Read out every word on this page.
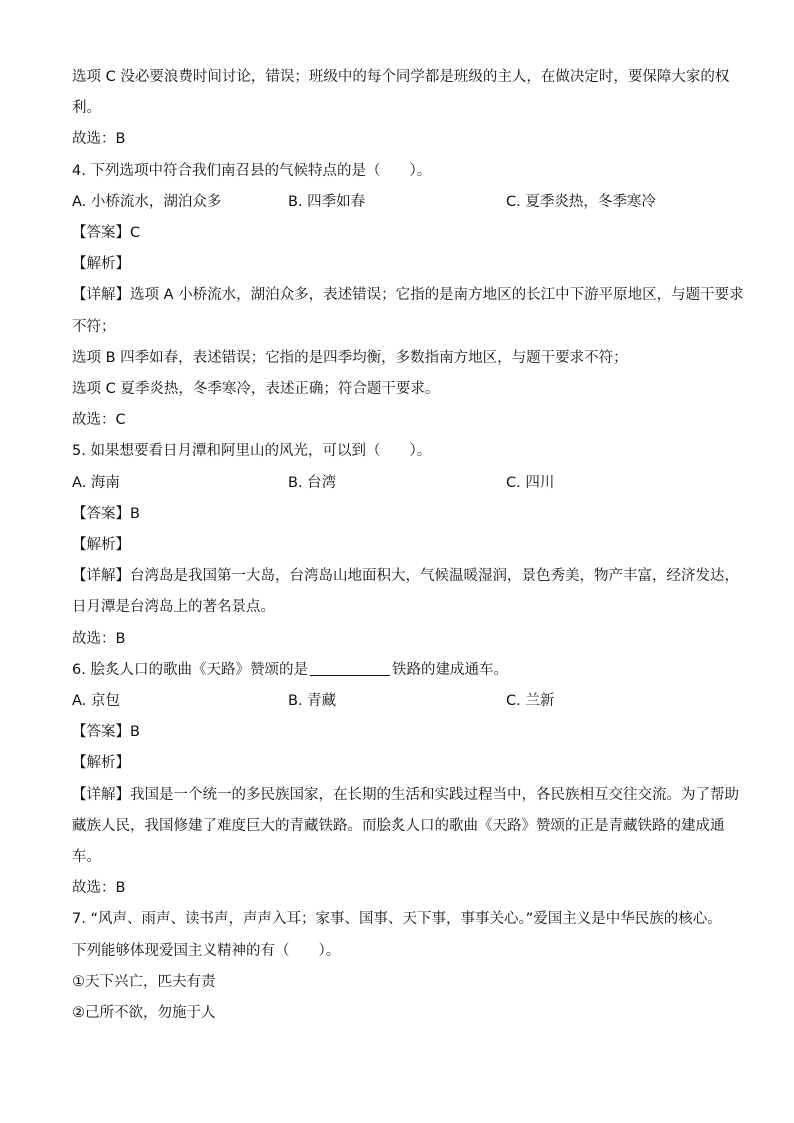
选项 C 没必要浪费时间讨论，错误；班级中的每个同学都是班级的主人，在做决定时，要保障大家的权
利。
故选：B
4. 下列选项中符合我们南召县的气候特点的是（　　）。
A. 小桥流水，湖泊众多	B. 四季如春	C. 夏季炎热，冬季寒冷
【答案】C
【解析】
【详解】选项 A 小桥流水，湖泊众多，表述错误；它指的是南方地区的长江中下游平原地区，与题干要求
不符；
选项 B 四季如春，表述错误；它指的是四季均衡，多数指南方地区，与题干要求不符；
选项 C 夏季炎热，冬季寒冷，表述正确；符合题干要求。
故选：C
5. 如果想要看日月潭和阿里山的风光，可以到（　　）。
A. 海南	B. 台湾	C. 四川
【答案】B
【解析】
【详解】台湾岛是我国第一大岛，台湾岛山地面积大，气候温暖湿润，景色秀美，物产丰富，经济发达，
日月潭是台湾岛上的著名景点。
故选：B
6. 脍炙人口的歌曲《天路》赞颂的是	铁路的建成通车。
A. 京包	B. 青藏	C. 兰新
【答案】B
【解析】
【详解】我国是一个统一的多民族国家，在长期的生活和实践过程当中，各民族相互交往交流。为了帮助
藏族人民，我国修建了难度巨大的青藏铁路。而脍炙人口的歌曲《天路》赞颂的正是青藏铁路的建成通
车。
故选：B
7. “风声、雨声、读书声，声声入耳；家事、国事、天下事，事事关心。”爱国主义是中华民族的核心。
下列能够体现爱国主义精神的有（　　）。
①天下兴亡，匹夫有责
②己所不欲，勿施于人
